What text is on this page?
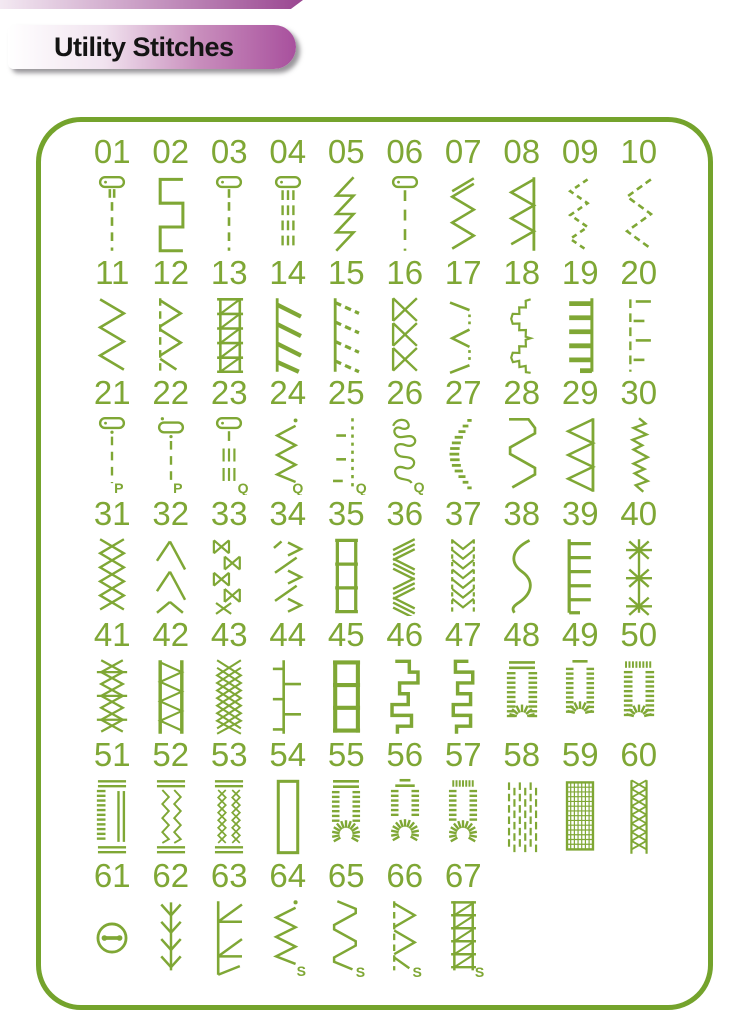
Utility Stitches
01 02 03 04 05 06 07 08 09 10
11 12 13 14 15 16 17 18 19 20
21
P
22
P
23
Q
24
Q
25
Q
26
Q
27 28 29 30
31 32 33 34 35 36 37 38 39 40
41 42 43 44 45 46 47 48 49 50
51 52 53 54 55 56 57 58 59 60
61 62 63 64
S
65
S
66
S
67
S
